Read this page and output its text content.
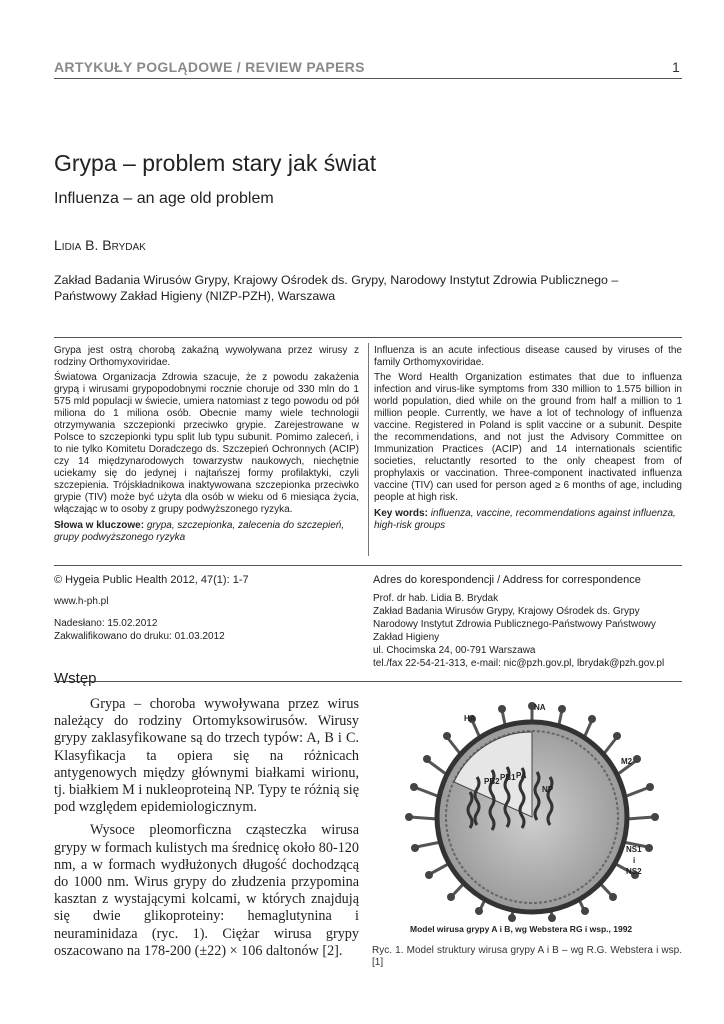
ARTYKUŁY POGLĄDOWE / REVIEW PAPERS	1
Grypa – problem stary jak świat
Influenza – an age old problem
Lidia B. Brydak
Zakład Badania Wirusów Grypy, Krajowy Ośrodek ds. Grypy, Narodowy Instytut Zdrowia Publicznego – Państwowy Zakład Higieny (NIZP-PZH), Warszawa

Grypa jest ostrą chorobą zakaźną wywoływana przez wirusy z rodziny Orthomyxoviridae.

Światowa Organizacja Zdrowia szacuje, że z powodu zakażenia grypą i wirusami grypopodobnymi rocznie choruje od 330 mln do 1 575 mld populacji w świecie, umiera natomiast z tego powodu od pół miliona do 1 miliona osób. Obecnie mamy wiele technologii otrzymywania szczepionki przeciwko grypie. Zarejestrowane w Polsce to szczepionki typu split lub typu subunit. Pomimo zaleceń, i to nie tylko Komitetu Doradczego ds. Szczepień Ochronnych (ACIP) czy 14 międzynarodowych towarzystw naukowych, niechętnie uciekamy się do jedynej i najtańszej formy profilaktyki, czyli szczepienia. Trójskładnikowa inaktywowana szczepionka przeciwko grypie (TIV) może być użyta dla osób w wieku od 6 miesiąca życia, włączając w to osoby z grupy podwyższonego ryzyka.

Słowa w kluczowe: grypa, szczepionka, zalecenia do szczepień, grupy podwyższonego ryzyka

Influenza is an acute infectious disease caused by viruses of the family Orthomyxoviridae.

The Word Health Organization estimates that due to influenza infection and virus-like symptoms from 330 million to 1.575 billion in world population, died while on the ground from half a million to 1 million people. Currently, we have a lot of technology of influenza vaccine. Registered in Poland is split vaccine or a subunit. Despite the recommendations, and not just the Advisory Committee on Immunization Practices (ACIP) and 14 internationals scientific societies, reluctantly resorted to the only cheapest from of prophylaxis or vaccination. Three-component inactivated influenza vaccine (TIV) can used for person aged ≥ 6 months of age, including people at high risk.

Key words: influenza, vaccine, recommendations against influenza, high-risk groups

© Hygeia Public Health 2012, 47(1): 1-7
www.h-ph.pl
Nadesłano: 15.02.2012
Zakwalifikowano do druku: 01.03.2012
Adres do korespondencji / Address for correspondence
Prof. dr hab. Lidia B. Brydak
Zakład Badania Wirusów Grypy, Krajowy Ośrodek ds. Grypy
Narodowy Instytut Zdrowia Publicznego-Państwowy Państwowy
Zakład Higieny
ul. Chocimska 24, 00-791 Warszawa
tel./fax 22-54-21-313, e-mail: nic@pzh.gov.pl, lbrydak@pzh.gov.pl
Wstęp

Grypa – choroba wywoływana przez wirus należący do rodziny Ortomyksowirusów. Wirusy grypy zaklasyfikowane są do trzech typów: A, B i C. Klasyfikacja ta opiera się na różnicach antygenowych między głównymi białkami wirionu, tj. białkiem M i nukleoproteiną NP. Typy te różnią się pod względem epidemiologicznym.

Wysoce pleomorficzna cząsteczka wirusa grypy w formach kulistych ma średnicę około 80-120 nm, a w formach wydłużonych długość dochodzącą do 1000 nm. Wirus grypy do złudzenia przypomina kasztan z wystającymi kolcami, w których znajdują się dwie glikoproteiny: hemaglutynina i neuraminidaza (ryc. 1). Ciężar wirusa grypy oszacowano na 178-200 (±22) × 106 daltonów [2].

HA
NA
M2
PB2 PB1 PA
NP
NS1
i
NS2
Model wirusa grypy A i B, wg Webstera RG i wsp., 1992
Ryc. 1. Model struktury wirusa grypy A i B – wg R.G. Webstera i wsp. [1]
